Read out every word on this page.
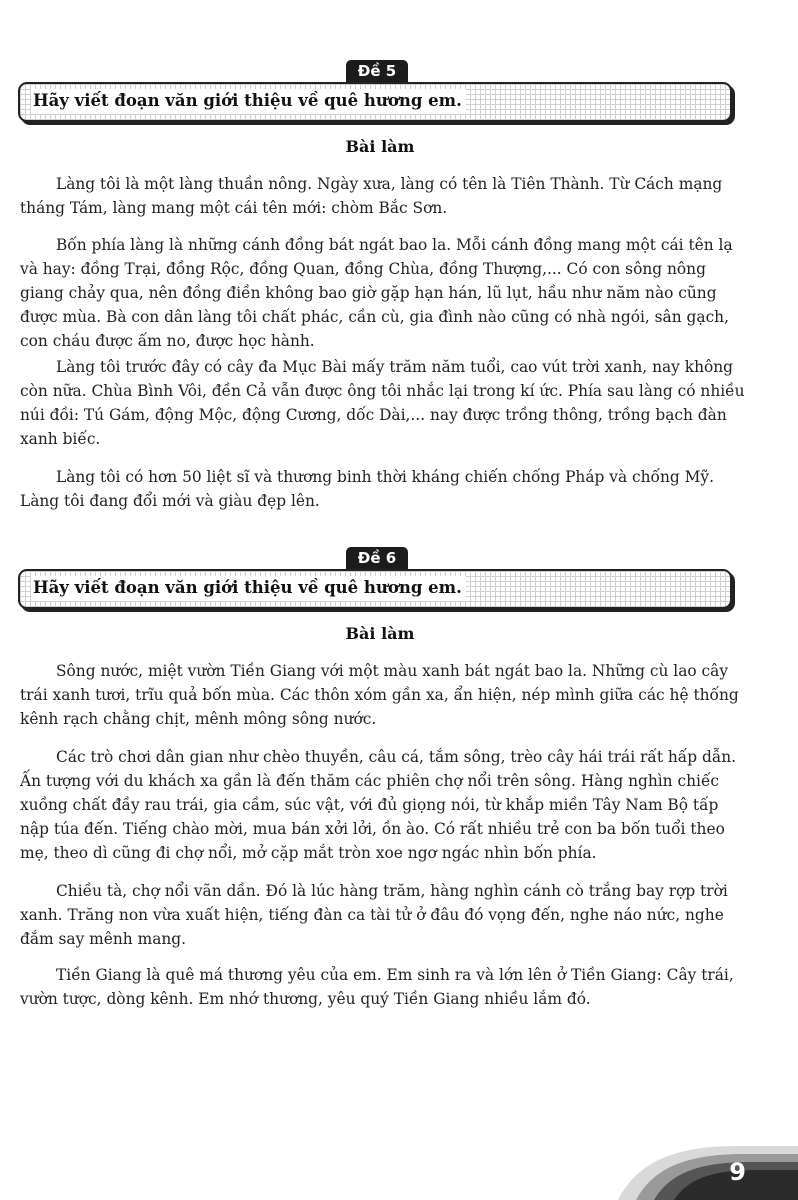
Đề 5
Hãy viết đoạn văn giới thiệu về quê hương em.
Bài làm

Làng tôi là một làng thuần nông. Ngày xưa, làng có tên là Tiên Thành. Từ Cách mạng tháng Tám, làng mang một cái tên mới: chòm Bắc Sơn.

Bốn phía làng là những cánh đồng bát ngát bao la. Mỗi cánh đồng mang một cái tên lạ và hay: đồng Trại, đồng Rộc, đồng Quan, đồng Chùa, đồng Thượng,... Có con sông nông giang chảy qua, nên đồng điền không bao giờ gặp hạn hán, lũ lụt, hầu như năm nào cũng được mùa. Bà con dân làng tôi chất phác, cần cù, gia đình nào cũng có nhà ngói, sân gạch, con cháu được ấm no, được học hành.

Làng tôi trước đây có cây đa Mục Bài mấy trăm năm tuổi, cao vút trời xanh, nay không còn nữa. Chùa Bình Vôi, đền Cả vẫn được ông tôi nhắc lại trong kí ức. Phía sau làng có nhiều núi đồi: Tú Gám, động Mộc, động Cương, dốc Dài,... nay được trồng thông, trồng bạch đàn xanh biếc.

Làng tôi có hơn 50 liệt sĩ và thương binh thời kháng chiến chống Pháp và chống Mỹ. Làng tôi đang đổi mới và giàu đẹp lên.

Đề 6
Hãy viết đoạn văn giới thiệu về quê hương em.
Bài làm

Sông nước, miệt vườn Tiền Giang với một màu xanh bát ngát bao la. Những cù lao cây trái xanh tươi, trĩu quả bốn mùa. Các thôn xóm gần xa, ẩn hiện, nép mình giữa các hệ thống kênh rạch chằng chịt, mênh mông sông nước.

Các trò chơi dân gian như chèo thuyền, câu cá, tắm sông, trèo cây hái trái rất hấp dẫn. Ấn tượng với du khách xa gần là đến thăm các phiên chợ nổi trên sông. Hàng nghìn chiếc xuồng chất đầy rau trái, gia cầm, súc vật, với đủ giọng nói, từ khắp miền Tây Nam Bộ tấp nập túa đến. Tiếng chào mời, mua bán xởi lởi, ồn ào. Có rất nhiều trẻ con ba bốn tuổi theo mẹ, theo dì cũng đi chợ nổi, mở cặp mắt tròn xoe ngơ ngác nhìn bốn phía.

Chiều tà, chợ nổi vãn dần. Đó là lúc hàng trăm, hàng nghìn cánh cò trắng bay rợp trời xanh. Trăng non vừa xuất hiện, tiếng đàn ca tài tử ở đâu đó vọng đến, nghe náo nức, nghe đắm say mênh mang.

Tiền Giang là quê má thương yêu của em. Em sinh ra và lớn lên ở Tiền Giang: Cây trái, vườn tược, dòng kênh. Em nhớ thương, yêu quý Tiền Giang nhiều lắm đó.

9
